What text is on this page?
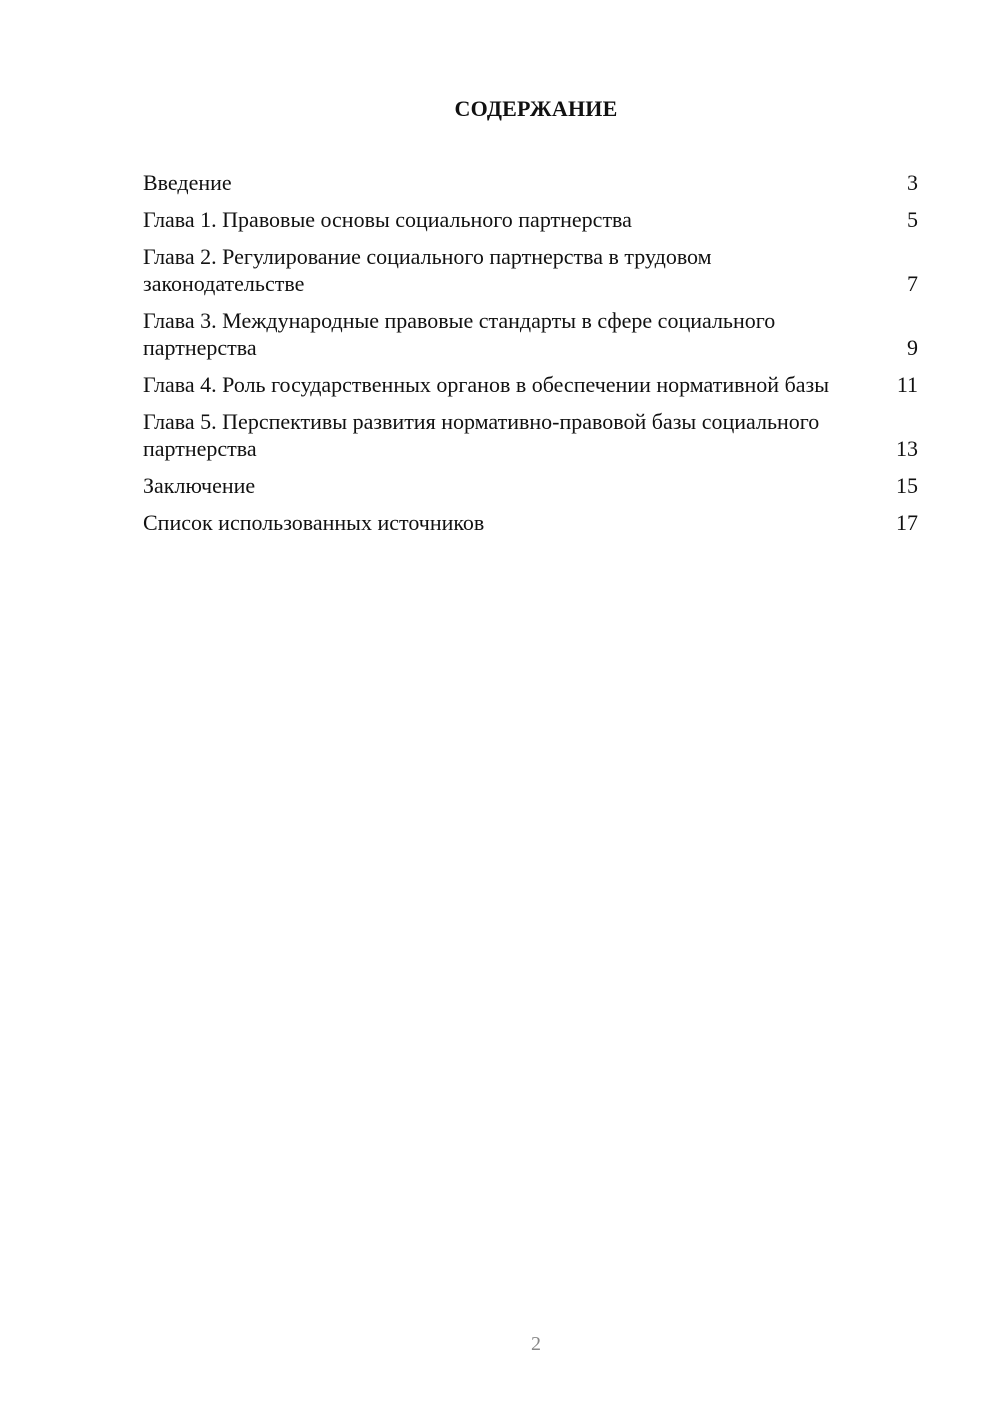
СОДЕРЖАНИЕ
Введение	3
Глава 1. Правовые основы социального партнерства	5
Глава 2. Регулирование социального партнерства в трудовом законодательстве	7
Глава 3. Международные правовые стандарты в сфере социального партнерства	9
Глава 4. Роль государственных органов в обеспечении нормативной базы	11
Глава 5. Перспективы развития нормативно-правовой базы социального партнерства	13
Заключение	15
Список использованных источников	17
2
